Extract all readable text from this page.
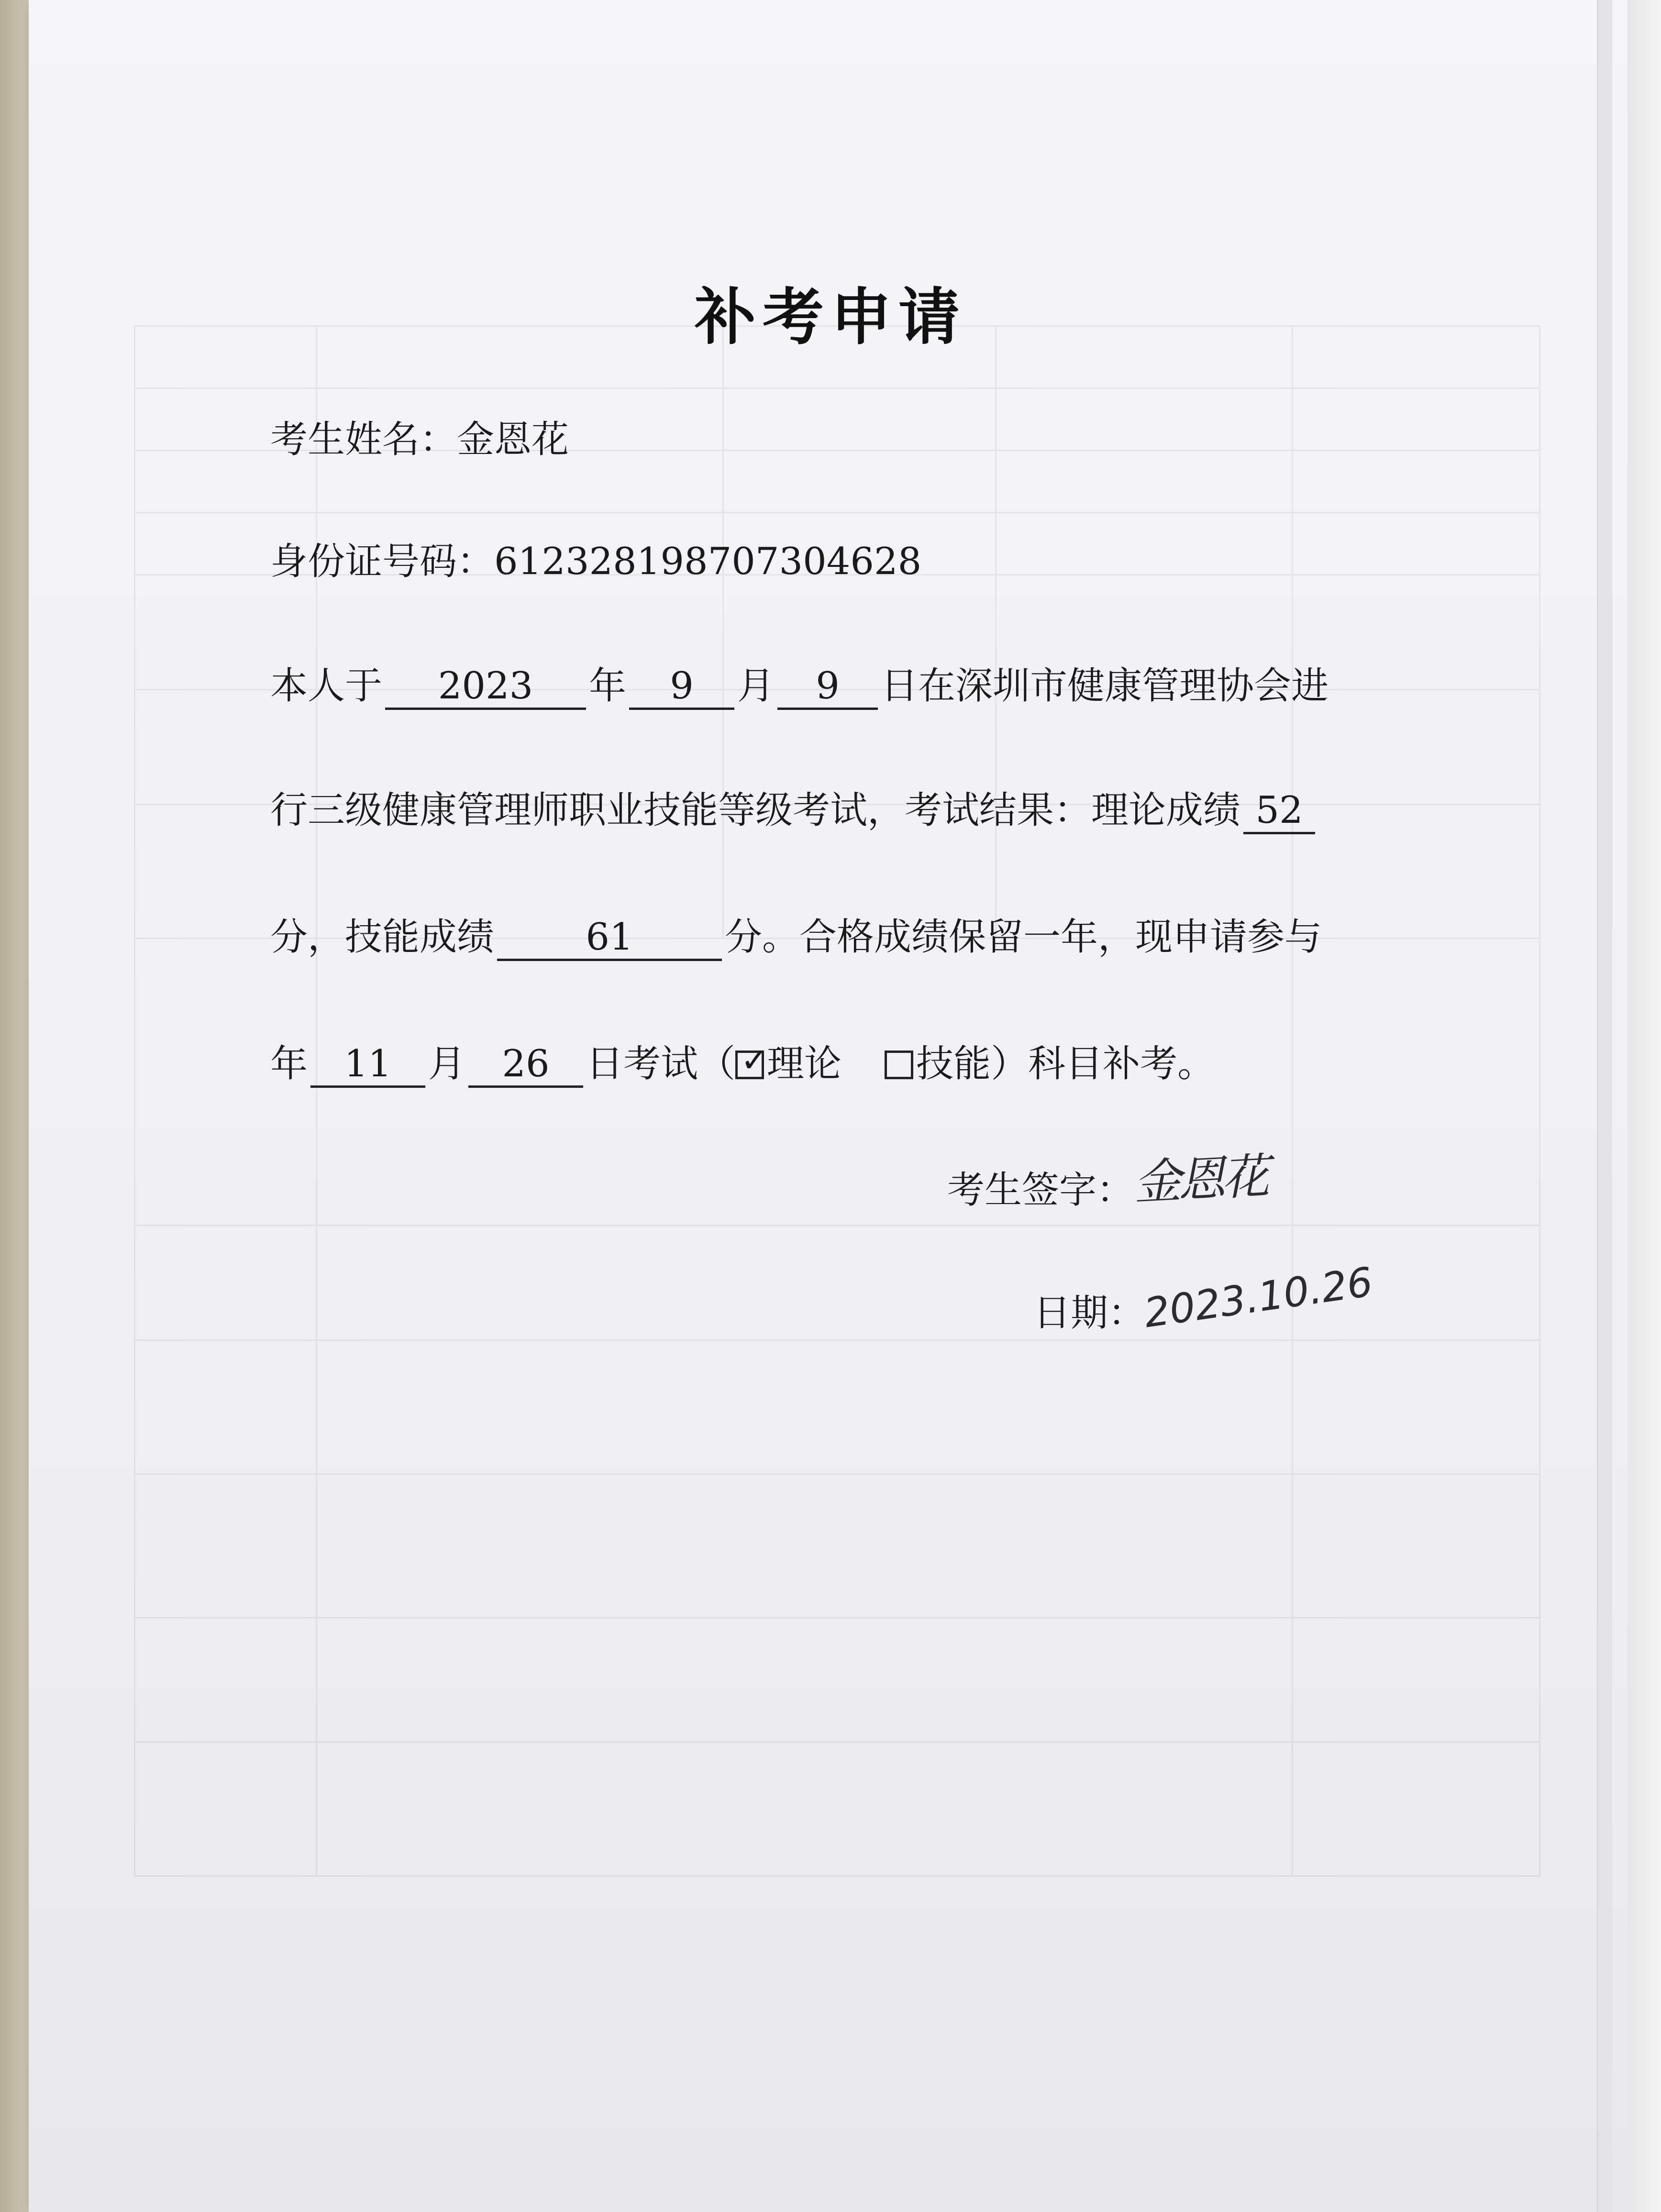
补考申请
考生姓名：金恩花
身份证号码：612328198707304628
本人于 2023 年 9 月 9 日在深圳市健康管理协会进
行三级健康管理师职业技能等级考试，考试结果：理论成绩 52
分，技能成绩 61 分。合格成绩保留一年，现申请参与
年 11 月 26 日考试（ ✓
理论 技能）科目补考。
考生签字：金恩花
日期：2023.10.26
